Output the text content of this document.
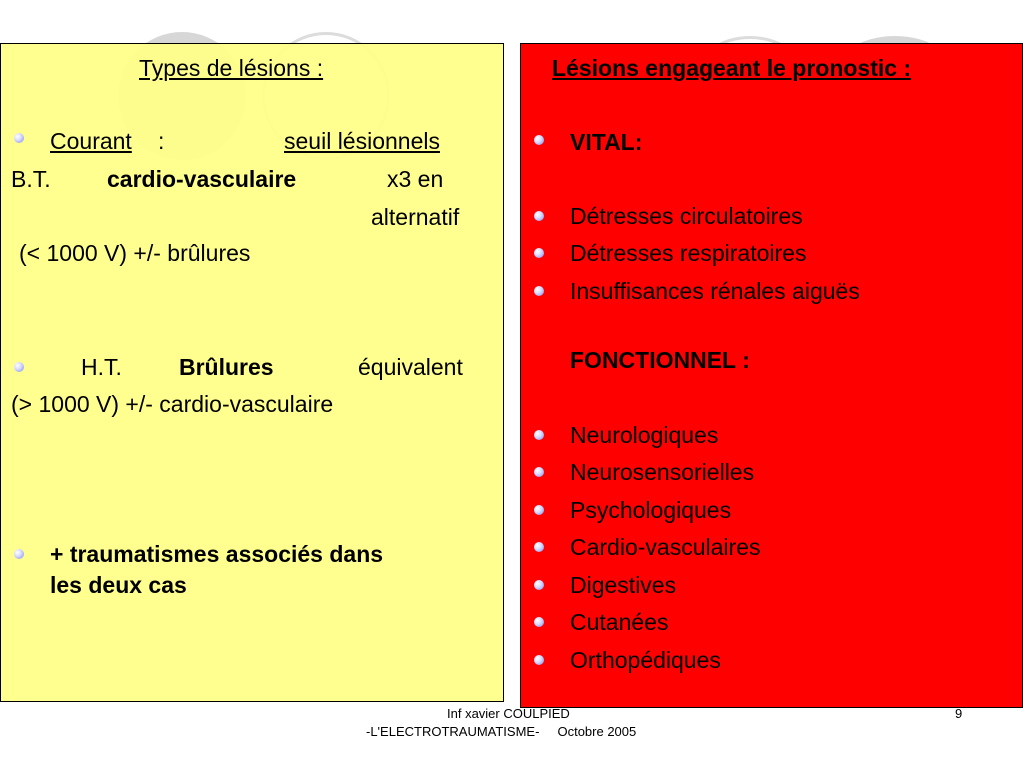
Types de lésions :
Courant :	seuil lésionnels
B.T. cardio-vasculaire	x3 en
alternatif
(< 1000 V) +/- brûlures
H.T. Brûlures	équivalent
(> 1000 V) +/- cardio-vasculaire
+ traumatismes associés dans
les deux cas
Lésions engageant le pronostic :
VITAL:
Détresses circulatoires
Détresses respiratoires
Insuffisances rénales aiguës
FONCTIONNEL :
Neurologiques
Neurosensorielles
Psychologiques
Cardio-vasculaires
Digestives
Cutanées
Orthopédiques
Inf xavier COULPIED
-L'ELECTROTRAUMATISME-     Octobre 2005
9
